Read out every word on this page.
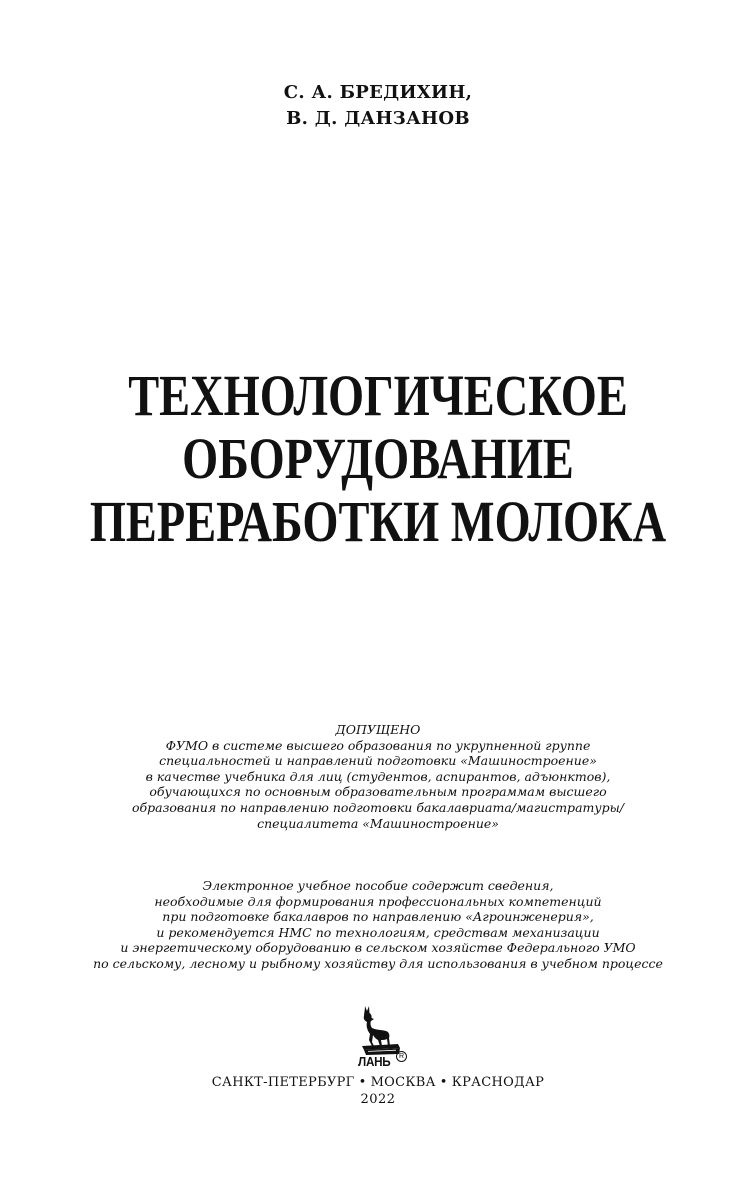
С. А. БРЕДИХИН,
В. Д. ДАНЗАНОВ
ТЕХНОЛОГИЧЕСКОЕ
ОБОРУДОВАНИЕ
ПЕРЕРАБОТКИ МОЛОКА
ДОПУЩЕНО
ФУМО в системе высшего образования по укрупненной группе
специальностей и направлений подготовки «Машиностроение»
в качестве учебника для лиц (студентов, аспирантов, адъюнктов),
обучающихся по основным образовательным программам высшего
образования по направлению подготовки бакалавриата/магистратуры/
специалитета «Машиностроение»
Электронное учебное пособие содержит сведения,
необходимые для формирования профессиональных компетенций
при подготовке бакалавров по направлению «Агроинженерия»,
и рекомендуется НМС по технологиям, средствам механизации
и энергетическому оборудованию в сельском хозяйстве Федерального УМО
по сельскому, лесному и рыбному хозяйству для использования в учебном процессе
ЛАНЬ	R
САНКТ-ПЕТЕРБУРГ • МОСКВА • КРАСНОДАР
2022
